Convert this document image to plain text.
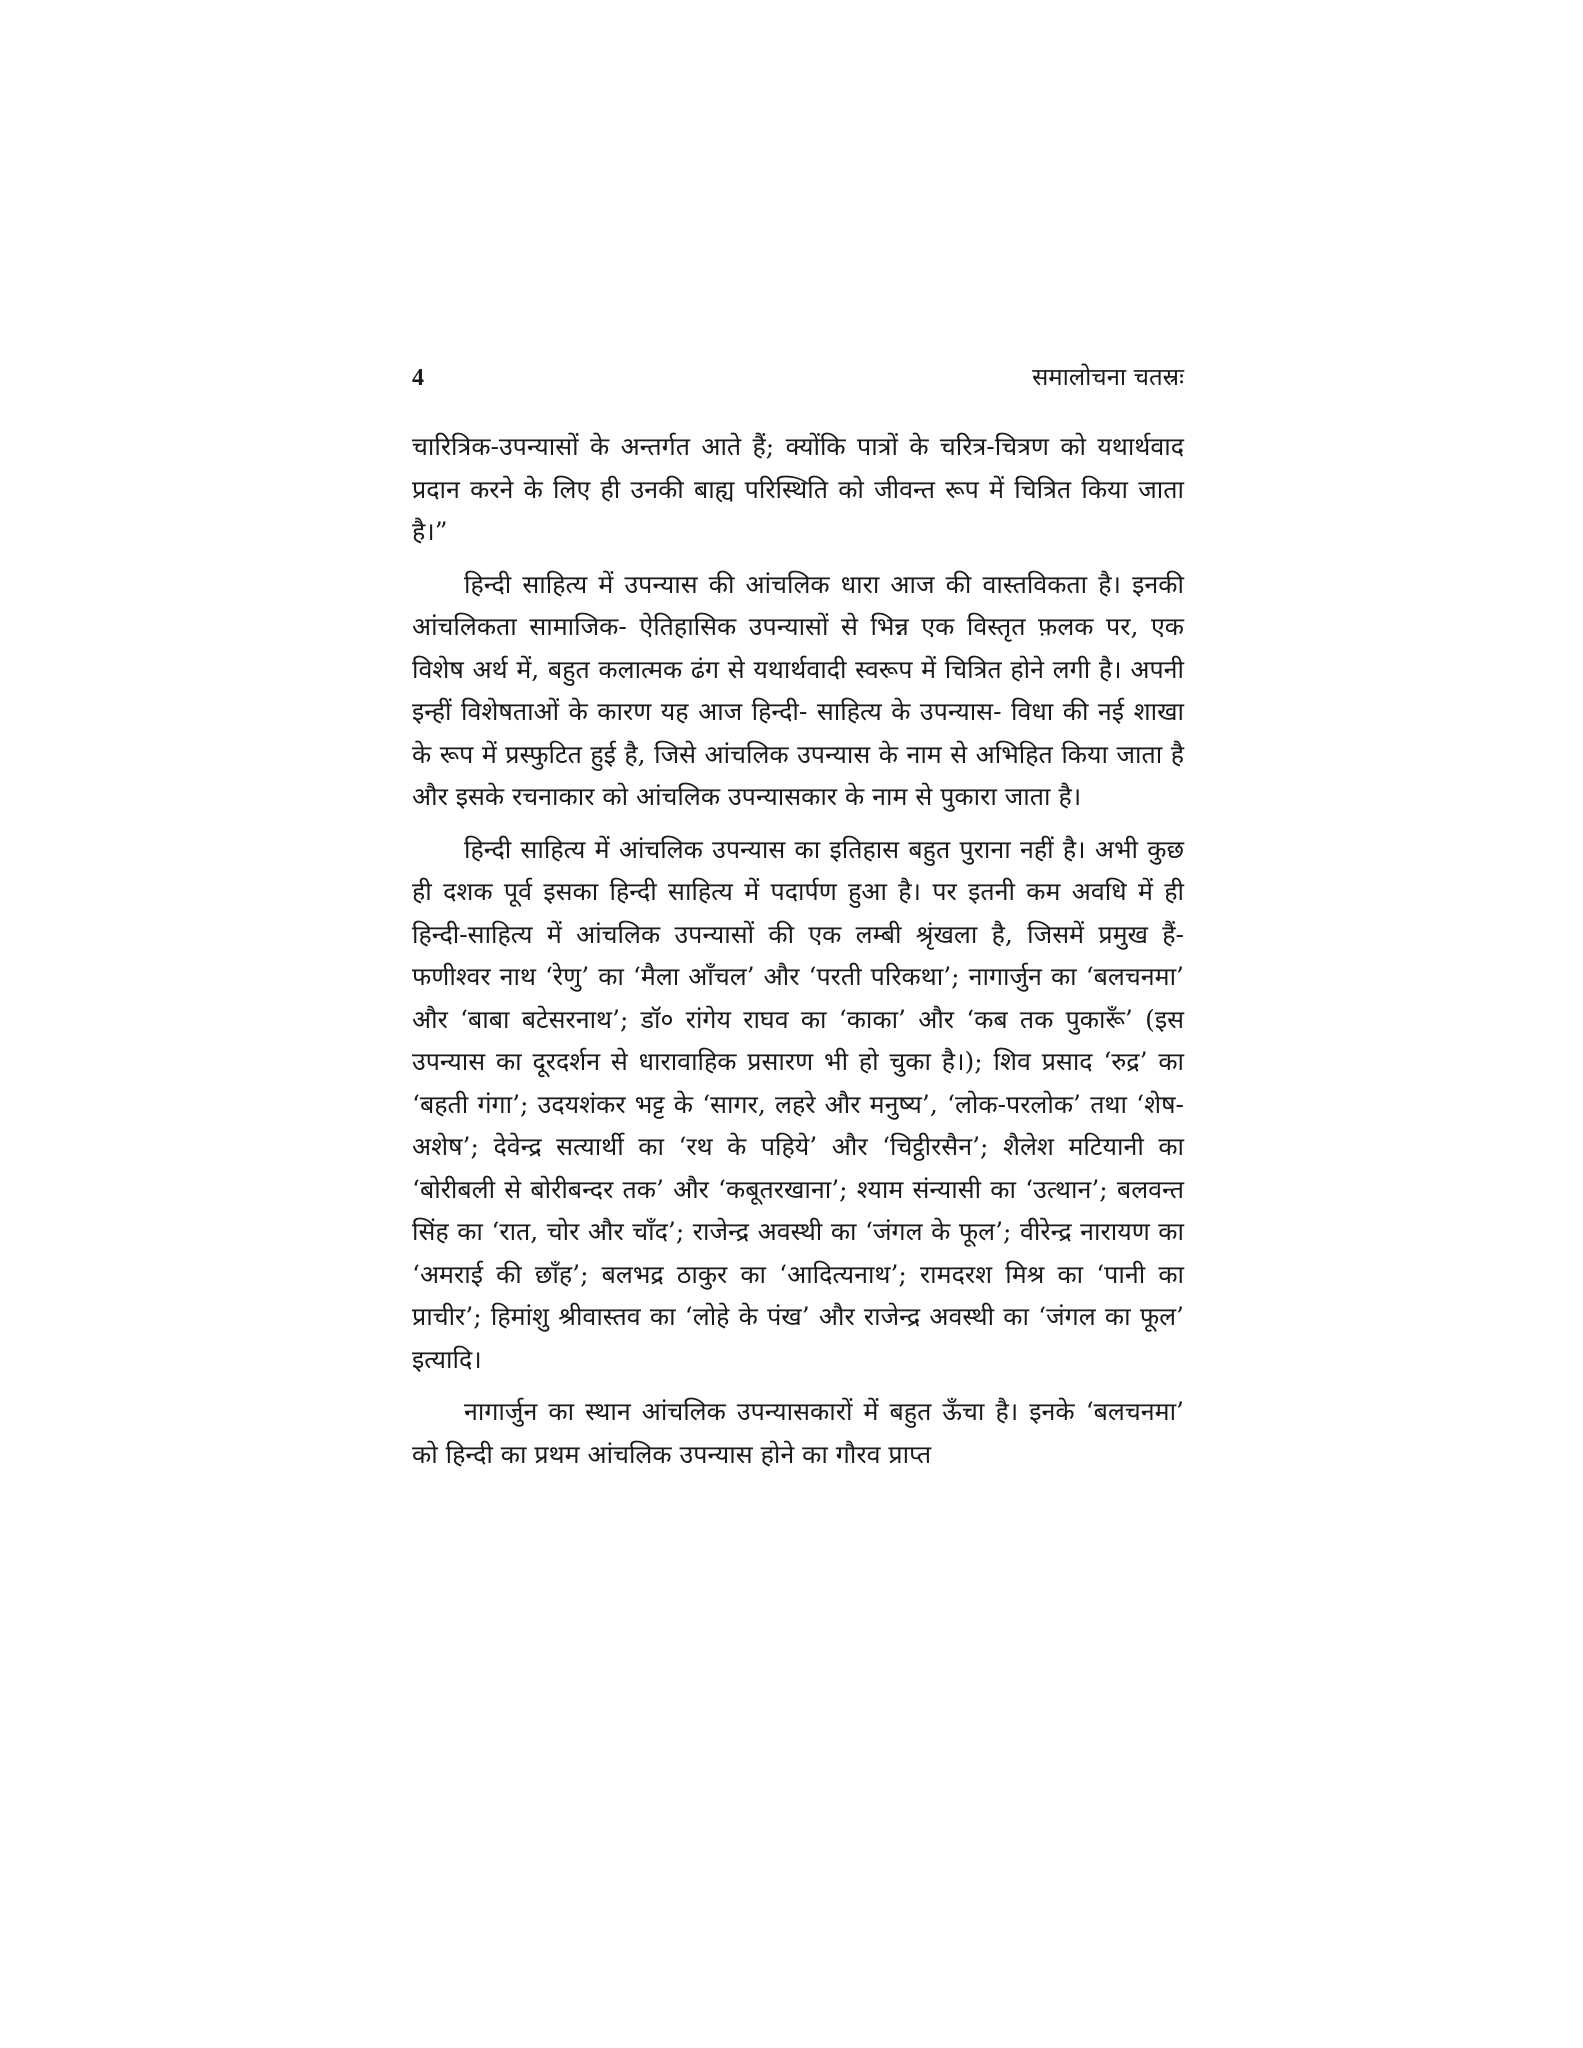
4	समालोचना चतस्रः

चारित्रिक-उपन्यासों के अन्तर्गत आते हैं; क्योंकि पात्रों के चरित्र-चित्रण को यथार्थवाद प्रदान करने के लिए ही उनकी बाह्य परिस्थिति को जीवन्त रूप में चित्रित किया जाता है।”

हिन्दी साहित्य में उपन्यास की आंचलिक धारा आज की वास्तविकता है। इनकी आंचलिकता सामाजिक- ऐतिहासिक उपन्यासों से भिन्न एक विस्तृत फ़लक पर, एक विशेष अर्थ में, बहुत कलात्मक ढंग से यथार्थवादी स्वरूप में चित्रित होने लगी है। अपनी इन्हीं विशेषताओं के कारण यह आज हिन्दी- साहित्य के उपन्यास- विधा की नई शाखा के रूप में प्रस्फुटित हुई है, जिसे आंचलिक उपन्यास के नाम से अभिहित किया जाता है और इसके रचनाकार को आंचलिक उपन्यासकार के नाम से पुकारा जाता है।

हिन्दी साहित्य में आंचलिक उपन्यास का इतिहास बहुत पुराना नहीं है। अभी कुछ ही दशक पूर्व इसका हिन्दी साहित्य में पदार्पण हुआ है। पर इतनी कम अवधि में ही हिन्दी-साहित्य में आंचलिक उपन्यासों की एक लम्बी श्रृंखला है, जिसमें प्रमुख हैं- फणीश्वर नाथ ‘रेणु’ का ‘मैला आँचल’ और ‘परती परिकथा’; नागार्जुन का ‘बलचनमा’ और ‘बाबा बटेसरनाथ’; डॉ० रांगेय राघव का ‘काका’ और ‘कब तक पुकारूँ’ (इस उपन्यास का दूरदर्शन से धारावाहिक प्रसारण भी हो चुका है।); शिव प्रसाद ‘रुद्र’ का ‘बहती गंगा’; उदयशंकर भट्ट के ‘सागर, लहरे और मनुष्य’, ‘लोक-परलोक’ तथा ‘शेष-अशेष’; देवेन्द्र सत्यार्थी का ‘रथ के पहिये’ और ‘चिट्ठीरसैन’; शैलेश मटियानी का ‘बोरीबली से बोरीबन्दर तक’ और ‘कबूतरखाना’; श्याम संन्यासी का ‘उत्थान’; बलवन्त सिंह का ‘रात, चोर और चाँद’; राजेन्द्र अवस्थी का ‘जंगल के फूल’; वीरेन्द्र नारायण का ‘अमराई की छाँह’; बलभद्र ठाकुर का ‘आदित्यनाथ’; रामदरश मिश्र का ‘पानी का प्राचीर’; हिमांशु श्रीवास्तव का ‘लोहे के पंख’ और राजेन्द्र अवस्थी का ‘जंगल का फूल’ इत्यादि।

नागार्जुन का स्थान आंचलिक उपन्यासकारों में बहुत ऊँचा है। इनके ‘बलचनमा’ को हिन्दी का प्रथम आंचलिक उपन्यास होने का गौरव प्राप्त
